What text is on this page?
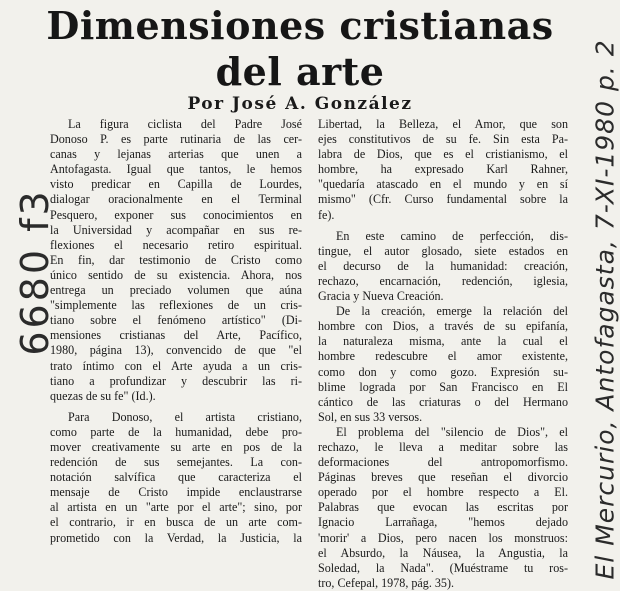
Dimensiones cristianas
del arte
Por José A. González
La figura ciclista del Padre José
Donoso P. es parte rutinaria de las cer-
canas y lejanas arterias que unen a
Antofagasta. Igual que tantos, le hemos
visto predicar en Capilla de Lourdes,
dialogar oracionalmente en el Terminal
Pesquero, exponer sus conocimientos en
la Universidad y acompañar en sus re-
flexiones el necesario retiro espiritual.
En fin, dar testimonio de Cristo como
único sentido de su existencia. Ahora, nos
entrega un preciado volumen que aúna
"simplemente las reflexiones de un cris-
tiano sobre el fenómeno artístico" (Di-
mensiones cristianas del Arte, Pacífico,
1980, página 13), convencido de que "el
trato íntimo con el Arte ayuda a un cris-
tiano a profundizar y descubrir las ri-
quezas de su fe" (Id.).
Para Donoso, el artista cristiano,
como parte de la humanidad, debe pro-
mover creativamente su arte en pos de la
redención de sus semejantes. La con-
notación salvífica que caracteriza el
mensaje de Cristo impide enclaustrarse
al artista en un "arte por el arte"; sino, por
el contrario, ir en busca de un arte com-
prometido con la Verdad, la Justicia, la
Libertad, la Belleza, el Amor, que son
ejes constitutivos de su fe. Sin esta Pa-
labra de Dios, que es el cristianismo, el
hombre, ha expresado Karl Rahner,
"quedaría atascado en el mundo y en sí
mismo" (Cfr. Curso fundamental sobre la
fe).
En este camino de perfección, dis-
tingue, el autor glosado, siete estados en
el decurso de la humanidad: creación,
rechazo, encarnación, redención, iglesia,
Gracia y Nueva Creación.
De la creación, emerge la relación del
hombre con Dios, a través de su epifanía,
la naturaleza misma, ante la cual el
hombre redescubre el amor existente,
como don y como gozo. Expresión su-
blime lograda por San Francisco en El
cántico de las criaturas o del Hermano
Sol, en sus 33 versos.
El problema del "silencio de Dios", el
rechazo, le lleva a meditar sobre las
deformaciones del antropomorfismo.
Páginas breves que reseñan el divorcio
operado por el hombre respecto a El.
Palabras que evocan las escritas por
Ignacio Larrañaga, "hemos dejado
'morir' a Dios, pero nacen los monstruos:
el Absurdo, la Náusea, la Angustia, la
Soledad, la Nada". (Muéstrame tu ros-
tro, Cefepal, 1978, pág. 35).
6680 f3	El Mercurio, Antofagasta, 7-XI-1980 p. 2
